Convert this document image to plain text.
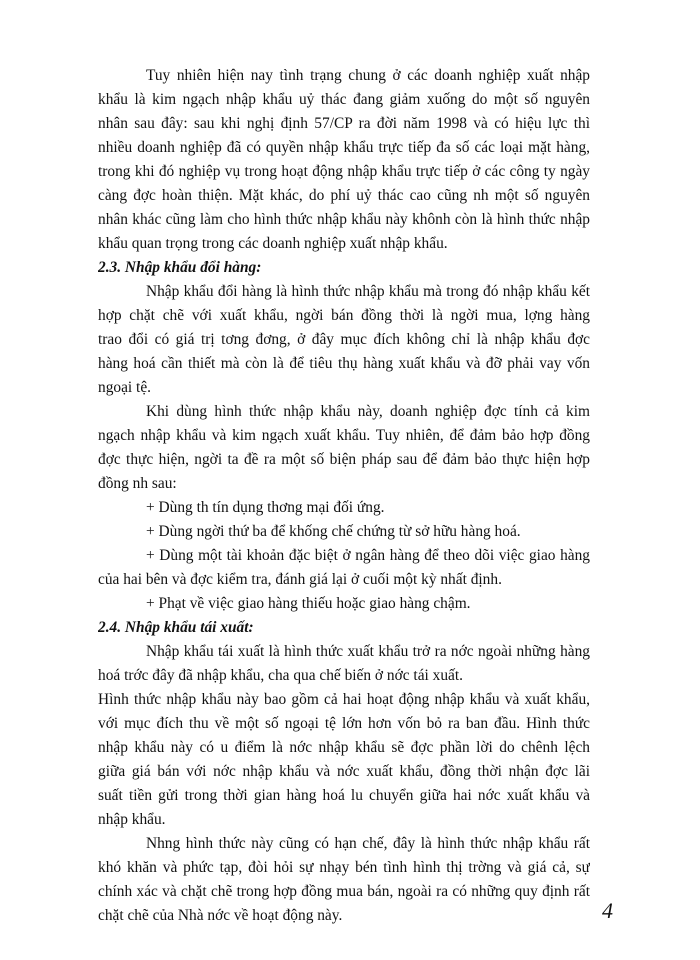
Tuy nhiên hiện nay tình trạng chung ở các doanh nghiệp xuất nhập
khẩu là kim ngạch nhập khẩu uỷ thác đang giảm xuống do một số nguyên
nhân sau đây: sau khi nghị định 57/CP ra đời năm 1998 và có hiệu lực thì
nhiều doanh nghiệp đã có quyền nhập khẩu trực tiếp đa số các loại mặt hàng,
trong khi đó nghiệp vụ trong hoạt động nhập khẩu trực tiếp ở các công ty ngày
càng đợc hoàn thiện. Mặt khác, do phí uỷ thác cao cũng nh một số nguyên
nhân khác cũng làm cho hình thức nhập khẩu này khônh còn là hình thức nhập
khẩu quan trọng trong các doanh nghiệp xuất nhập khẩu.
2.3. Nhập khẩu đổi hàng:
Nhập khẩu đổi hàng là hình thức nhập khẩu mà trong đó nhập khẩu kết
hợp chặt chẽ với xuất khẩu, ngời bán đồng thời là ngời mua, lợng hàng
trao đổi có giá trị tơng đơng, ở đây mục đích không chỉ là nhập khẩu đợc
hàng hoá cần thiết mà còn là để tiêu thụ hàng xuất khẩu và đỡ phải vay vốn
ngoại tệ.
Khi dùng hình thức nhập khẩu này, doanh nghiệp đợc tính cả kim
ngạch nhập khẩu và kim ngạch xuất khẩu. Tuy nhiên, để đảm bảo hợp đồng
đợc thực hiện, ngời ta đề ra một số biện pháp sau để đảm bảo thực hiện hợp
đồng nh sau:
+ Dùng th tín dụng thơng mại đối ứng.
+ Dùng ngời thứ ba để khống chế chứng từ sở hữu hàng hoá.
+ Dùng một tài khoản đặc biệt ở ngân hàng để theo dõi việc giao hàng
của hai bên và đợc kiểm tra, đánh giá lại ở cuối một kỳ nhất định.
+ Phạt về việc giao hàng thiếu hoặc giao hàng chậm.
2.4. Nhập khẩu tái xuất:
Nhập khẩu tái xuất là hình thức xuất khẩu trở ra nớc ngoài những hàng
hoá trớc đây đã nhập khẩu, cha qua chế biến ở nớc tái xuất.
Hình thức nhập khẩu này bao gồm cả hai hoạt động nhập khẩu và xuất khẩu,
với mục đích thu về một số ngoại tệ lớn hơn vốn bỏ ra ban đầu. Hình thức
nhập khẩu này có u điểm là nớc nhập khẩu sẽ đợc phần lời do chênh lệch
giữa giá bán với nớc nhập khẩu và nớc xuất khẩu, đồng thời nhận đợc lãi
suất tiền gửi trong thời gian hàng hoá lu chuyển giữa hai nớc xuất khẩu và
nhập khẩu.
Nhng hình thức này cũng có hạn chế, đây là hình thức nhập khẩu rất
khó khăn và phức tạp, đòi hỏi sự nhạy bén tình hình thị trờng và giá cả, sự
chính xác và chặt chẽ trong hợp đồng mua bán, ngoài ra có những quy định rất
chặt chẽ của Nhà nớc về hoạt động này.	4
